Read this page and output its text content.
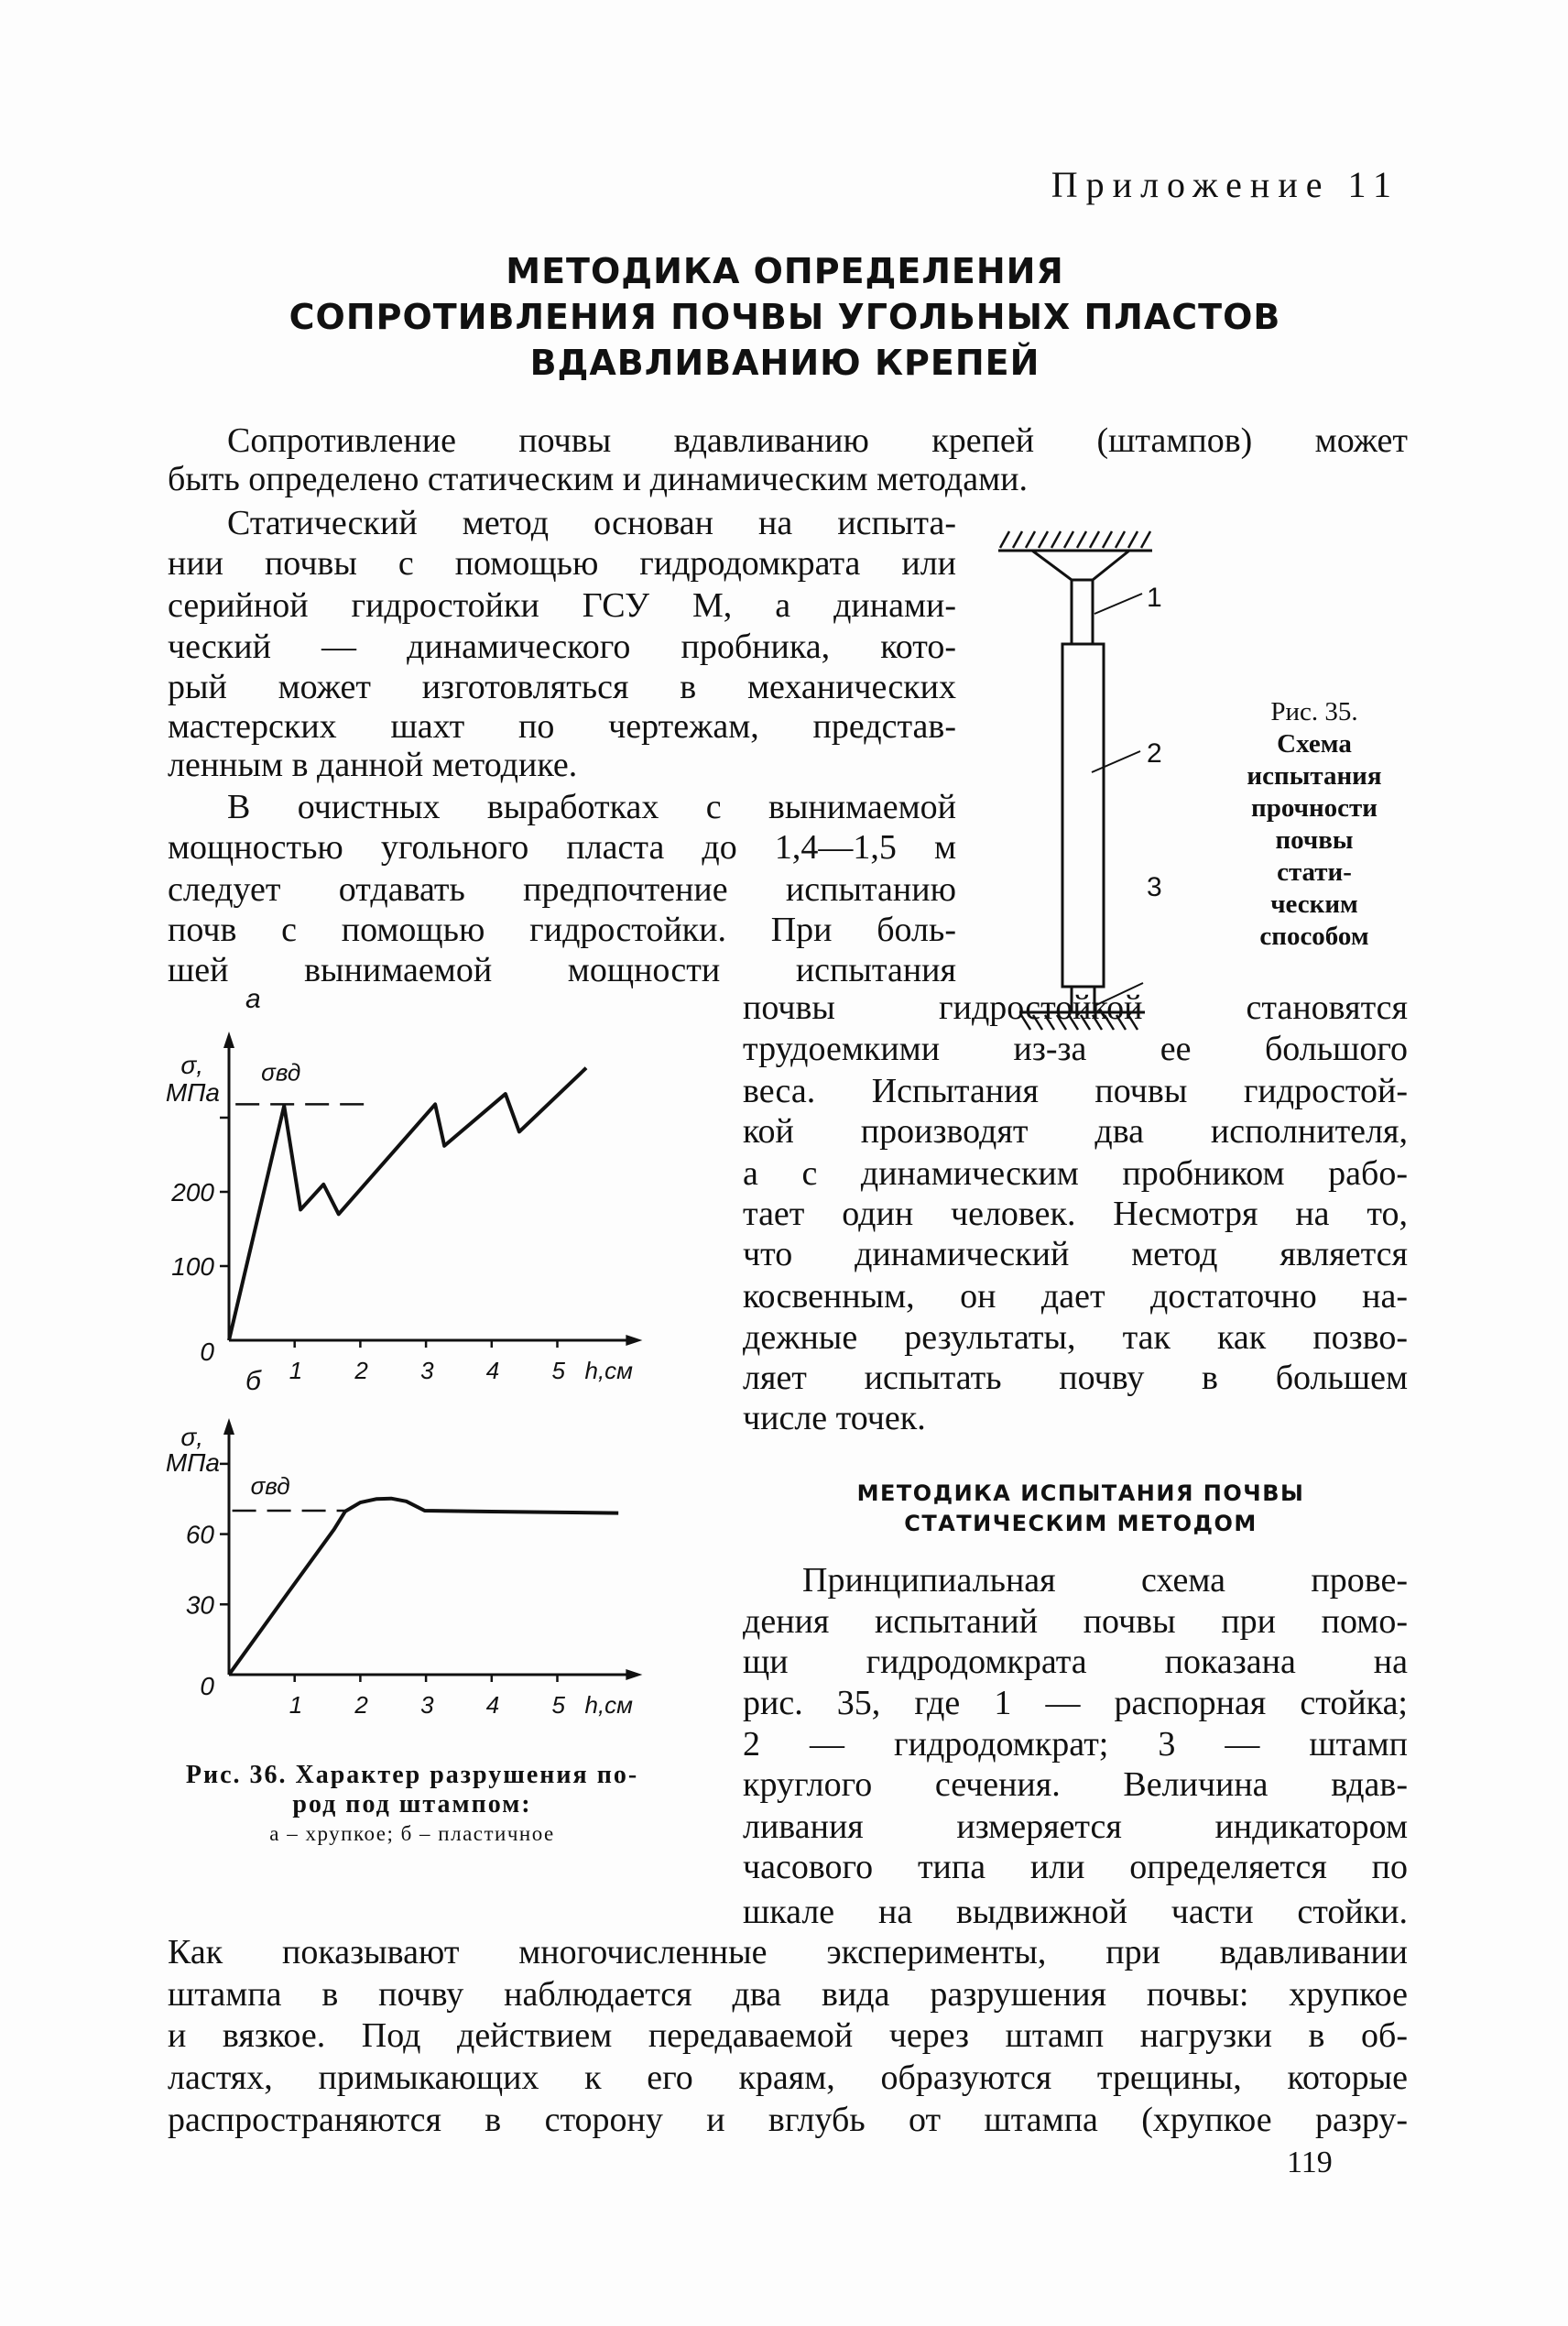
Приложение 11
МЕТОДИКА ОПРЕДЕЛЕНИЯ
СОПРОТИВЛЕНИЯ ПОЧВЫ УГОЛЬНЫХ ПЛАСТОВ
ВДАВЛИВАНИЮ КРЕПЕЙ
МЕТОДИКА ИСПЫТАНИЯ ПОЧВЫ
СТАТИЧЕСКИМ МЕТОДОМ
Сопротивление почвы вдавливанию крепей (штампов) может
быть определено статическим и динамическим методами.
Статический метод основан на испыта-
нии почвы с помощью гидродомкрата или
серийной гидростойки ГСУ М, а динами-
ческий — динамического пробника, кото-
рый может изготовляться в механических
мастерских шахт по чертежам, представ-
ленным в данной методике.
В очистных выработках с вынимаемой
мощностью угольного пласта до 1,4—1,5 м
следует отдавать предпочтение испытанию
почв с помощью гидростойки. При боль-
шей вынимаемой мощности испытания
почвы гидростойкой становятся
трудоемкими из-за ее большого
веса. Испытания почвы гидростой-
кой производят два исполнителя,
а с динамическим пробником рабо-
тает один человек. Несмотря на то,
что динамический метод является
косвенным, он дает достаточно на-
дежные результаты, так как позво-
ляет испытать почву в большем
числе точек.
Принципиальная схема прове-
дения испытаний почвы при помо-
щи гидродомкрата показана на
рис. 35, где 1 — распорная стойка;
2 — гидродомкрат; 3 — штамп
круглого сечения. Величина вдав-
ливания измеряется индикатором
часового типа или определяется по
шкале на выдвижной части стойки.
Как показывают многочисленные эксперименты, при вдавливании
штампа в почву наблюдается два вида разрушения почвы: хрупкое
и вязкое. Под действием передаваемой через штамп нагрузки в об-
ластях, примыкающих к его краям, образуются трещины, которые
распространяются в сторону и вглубь от штампа (хрупкое разру-
1
2
3
1 2 3 4 5 h,см
0
100
200
σ,
МПа
а
σвд
1 2 3 4 5 h,см
0
30
60
σ,
МПа
б
σвд
Рис. 35.
Схема
испытания
прочности
почвы
стати-
ческим
способом
Рис. 36. Характер разрушения по-
род под штампом:
а – хрупкое; б – пластичное
119
